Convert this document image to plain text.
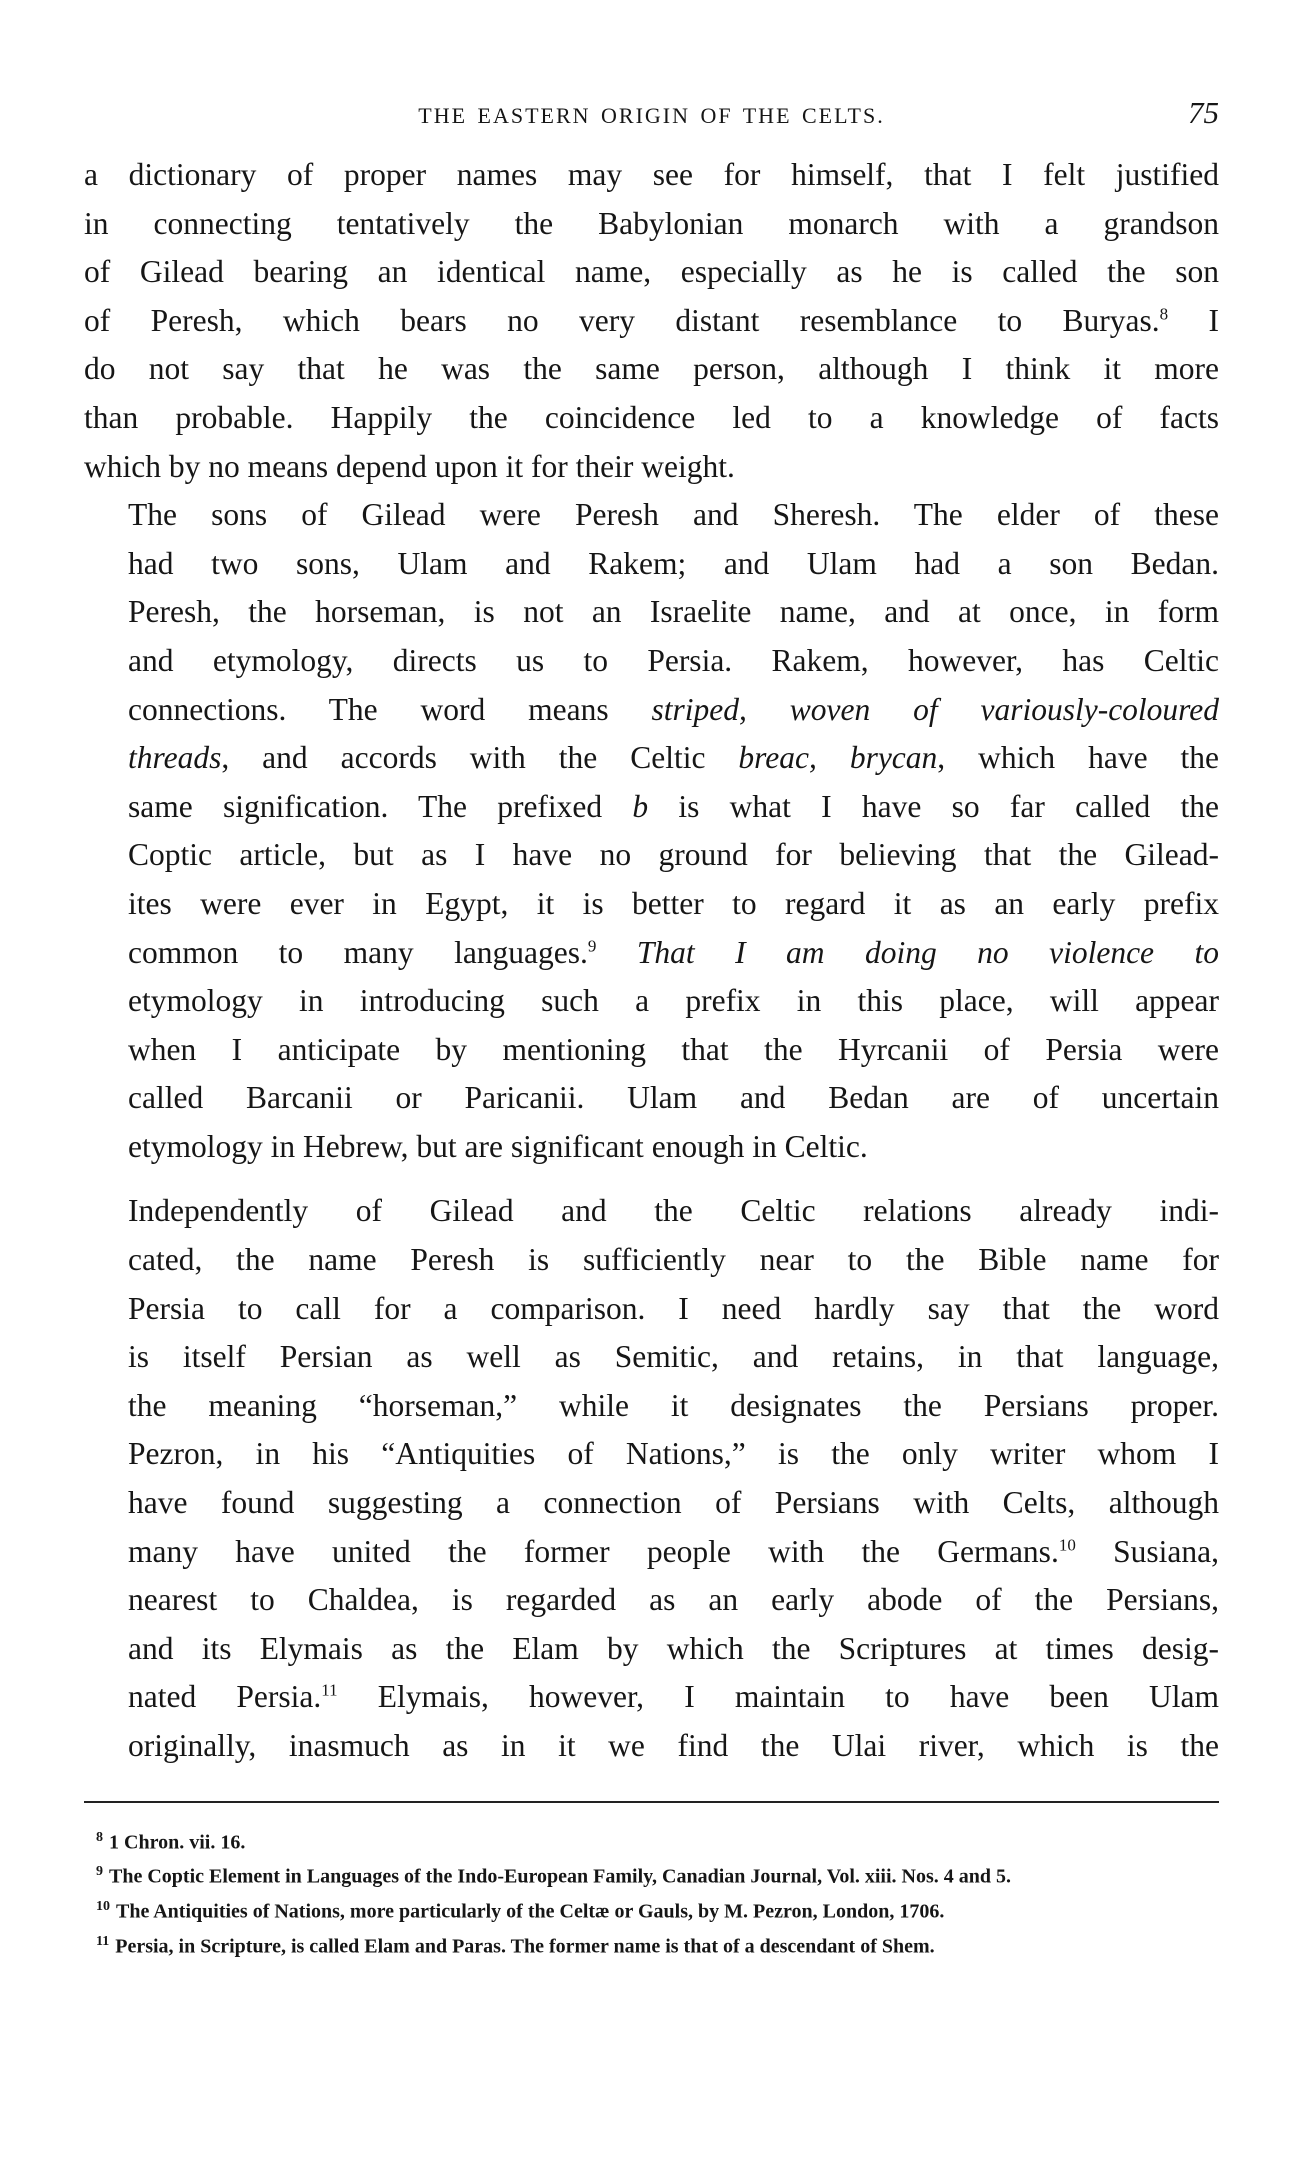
THE EASTERN ORIGIN OF THE CELTS.	75

a dictionary of proper names may see for himself, that I felt justified
in connecting tentatively the Babylonian monarch with a grandson
of Gilead bearing an identical name, especially as he is called the son
of Peresh, which bears no very distant resemblance to Buryas.$^8$ I
do not say that he was the same person, although I think it more
than probable. Happily the coincidence led to a knowledge of facts
which by no means depend upon it for their weight.

The sons of Gilead were Peresh and Sheresh. The elder of these
had two sons, Ulam and Rakem; and Ulam had a son Bedan.
Peresh, the horseman, is not an Israelite name, and at once, in form
and etymology, directs us to Persia. Rakem, however, has Celtic
connections. The word means striped, woven of variously-coloured
threads, and accords with the Celtic breac, brycan, which have the
same signification. The prefixed b is what I have so far called the
Coptic article, but as I have no ground for believing that the Gilead-
ites were ever in Egypt, it is better to regard it as an early prefix
common to many languages.$^9$ That I am doing no violence to
etymology in introducing such a prefix in this place, will appear
when I anticipate by mentioning that the Hyrcanii of Persia were
called Barcanii or Paricanii. Ulam and Bedan are of uncertain
etymology in Hebrew, but are significant enough in Celtic.

Independently of Gilead and the Celtic relations already indi-
cated, the name Peresh is sufficiently near to the Bible name for
Persia to call for a comparison. I need hardly say that the word
is itself Persian as well as Semitic, and retains, in that language,
the meaning “horseman,” while it designates the Persians proper.
Pezron, in his “Antiquities of Nations,” is the only writer whom I
have found suggesting a connection of Persians with Celts, although
many have united the former people with the Germans.$^{10}$ Susiana,
nearest to Chaldea, is regarded as an early abode of the Persians,
and its Elymais as the Elam by which the Scriptures at times desig-
nated Persia.$^{11}$ Elymais, however, I maintain to have been Ulam
originally, inasmuch as in it we find the Ulai river, which is the

$^8$ 1 Chron. vii. 16.

$^9$ The Coptic Element in Languages of the Indo-European Family, Canadian Journal, Vol. xiii. Nos. 4 and 5.

$^{10}$ The Antiquities of Nations, more particularly of the Celtæ or Gauls, by M. Pezron, London, 1706.

$^{11}$ Persia, in Scripture, is called Elam and Paras. The former name is that of a descendant of Shem.
